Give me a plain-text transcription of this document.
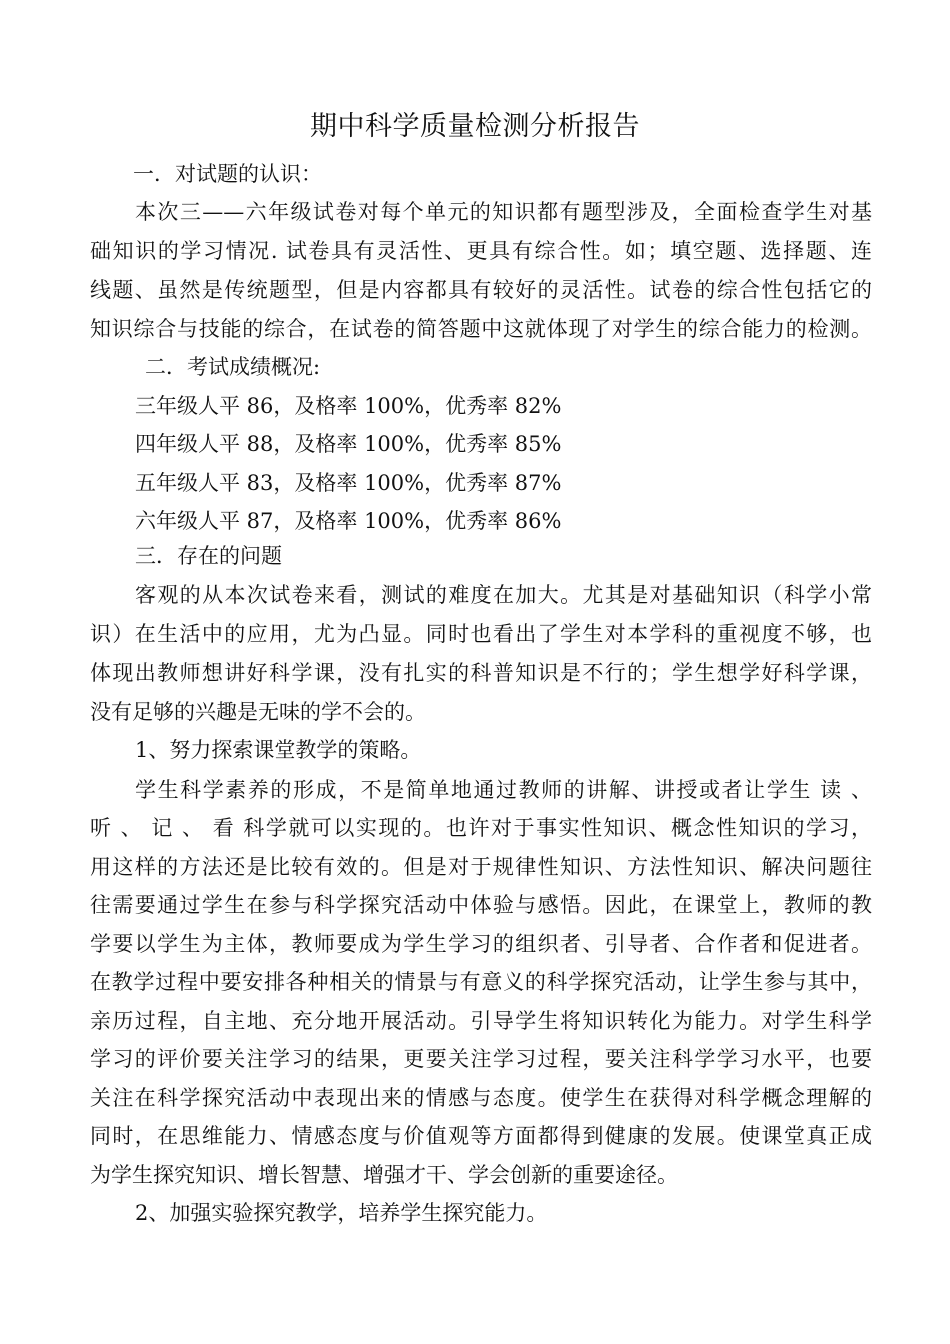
期中科学质量检测分析报告
一．对试题的认识：
本次三——六年级试卷对每个单元的知识都有题型涉及，全面检查学生对基
础知识的学习情况. 试卷具有灵活性、更具有综合性。如；填空题、选择题、连
线题、虽然是传统题型，但是内容都具有较好的灵活性。试卷的综合性包括它的
知识综合与技能的综合，在试卷的简答题中这就体现了对学生的综合能力的检测。
二．考试成绩概况:
三年级人平 86，及格率 100%，优秀率 82%
四年级人平 88，及格率 100%，优秀率 85%
五年级人平 83，及格率 100%，优秀率 87%
六年级人平 87，及格率 100%，优秀率 86%
三．存在的问题
客观的从本次试卷来看，测试的难度在加大。尤其是对基础知识（科学小常
识）在生活中的应用，尤为凸显。同时也看出了学生对本学科的重视度不够，也
体现出教师想讲好科学课，没有扎实的科普知识是不行的；学生想学好科学课，
没有足够的兴趣是无味的学不会的。
1、努力探索课堂教学的策略。
学生科学素养的形成，不是简单地通过教师的讲解、讲授或者让学生 读 、
听 、 记 、 看 科学就可以实现的。也许对于事实性知识、概念性知识的学习，
用这样的方法还是比较有效的。但是对于规律性知识、方法性知识、解决问题往
往需要通过学生在参与科学探究活动中体验与感悟。因此，在课堂上，教师的教
学要以学生为主体，教师要成为学生学习的组织者、引导者、合作者和促进者。
在教学过程中要安排各种相关的情景与有意义的科学探究活动，让学生参与其中，
亲历过程，自主地、充分地开展活动。引导学生将知识转化为能力。对学生科学
学习的评价要关注学习的结果，更要关注学习过程，要关注科学学习水平，也要
关注在科学探究活动中表现出来的情感与态度。使学生在获得对科学概念理解的
同时，在思维能力、情感态度与价值观等方面都得到健康的发展。使课堂真正成
为学生探究知识、增长智慧、增强才干、学会创新的重要途径。
2、加强实验探究教学，培养学生探究能力。
